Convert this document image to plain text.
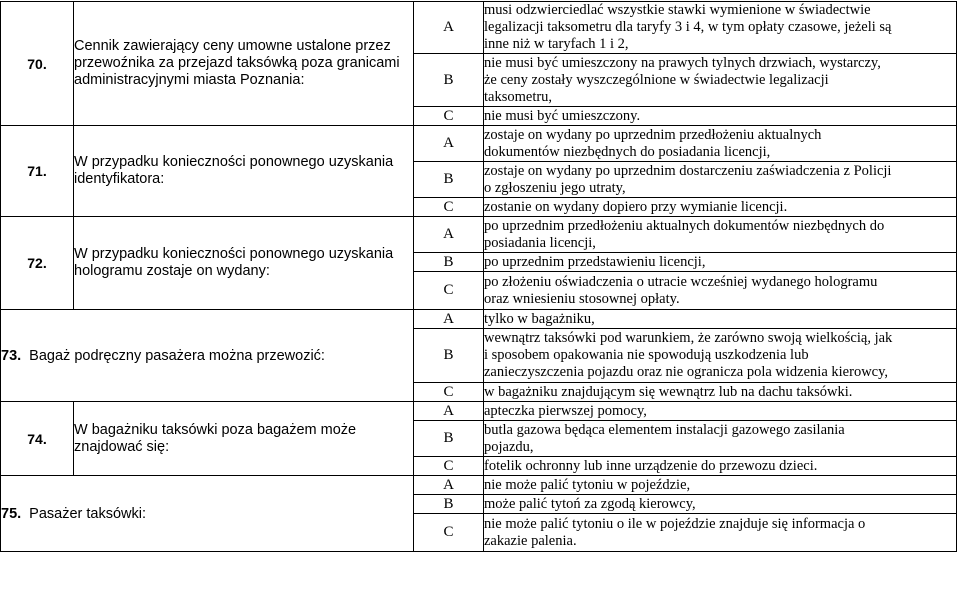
70.	Cennik zawierający ceny umowne ustalone przez
przewoźnika za przejazd taksówką poza granicami
administracyjnymi miasta Poznania:	A	musi odzwierciedlać wszystkie stawki wymienione w świadectwie
legalizacji taksometru dla taryfy 3 i 4, w tym opłaty czasowe, jeżeli są
inne niż w taryfach 1 i 2,

		B	nie musi być umieszczony na prawych tylnych drzwiach, wystarczy,
że ceny zostały wyszczególnione w świadectwie legalizacji
taksometru,

		C	nie musi być umieszczony.

71.	W przypadku konieczności ponownego uzyskania
identyfikatora:	A	zostaje on wydany po uprzednim przedłożeniu aktualnych
dokumentów niezbędnych do posiadania licencji,

		B	zostaje on wydany po uprzednim dostarczeniu zaświadczenia z Policji
o zgłoszeniu jego utraty,

		C	zostanie on wydany dopiero przy wymianie licencji.

72.	W przypadku konieczności ponownego uzyskania
hologramu zostaje on wydany:	A	po uprzednim przedłożeniu aktualnych dokumentów niezbędnych do
posiadania licencji,

		B	po uprzednim przedstawieniu licencji,

		C	po złożeniu oświadczenia o utracie wcześniej wydanego hologramu
oraz wniesieniu stosownej opłaty.

73. Bagaż podręczny pasażera można przewozić:		A	tylko w bagażniku,

		B	wewnątrz taksówki pod warunkiem, że zarówno swoją wielkością, jak
i sposobem opakowania nie spowodują uszkodzenia lub
zanieczyszczenia pojazdu oraz nie ogranicza pola widzenia kierowcy,

		C	w bagażniku znajdującym się wewnątrz lub na dachu taksówki.

74.	W bagażniku taksówki poza bagażem może
znajdować się:	A	apteczka pierwszej pomocy,

		B	butla gazowa będąca elementem instalacji gazowego zasilania
pojazdu,

		C	fotelik ochronny lub inne urządzenie do przewozu dzieci.

75. Pasażer taksówki:		A	nie może palić tytoniu w pojeździe,

		B	może palić tytoń za zgodą kierowcy,

		C	nie może palić tytoniu o ile w pojeździe znajduje się informacja o
zakazie palenia.
